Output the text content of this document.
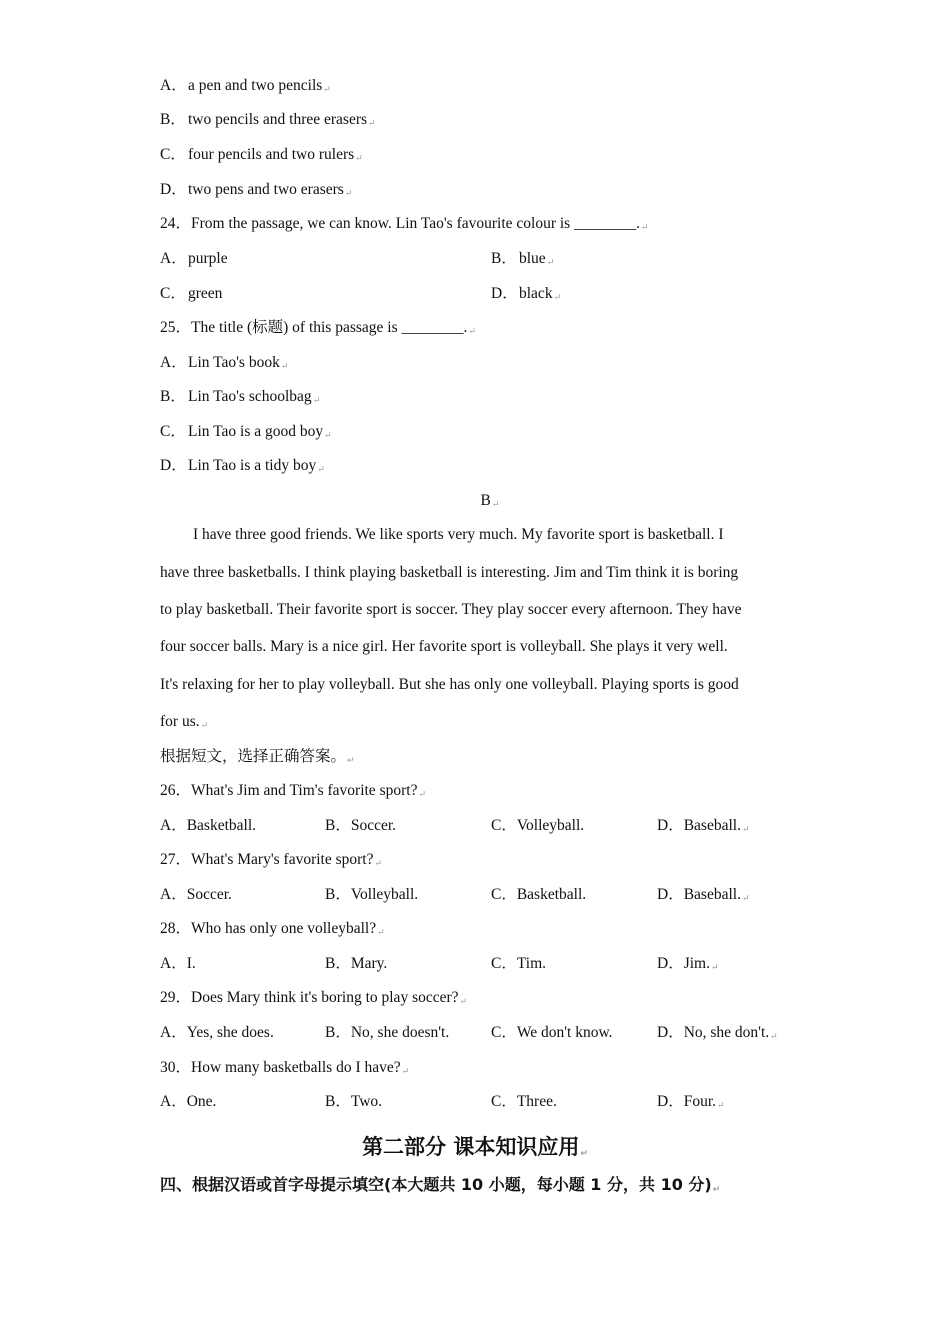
A．a pen and two pencils↵
B． two pencils and three erasers↵
C． four pencils and two rulers↵
D．two pens and two erasers↵
24．From the passage, we can know. Lin Tao's favourite colour is ________.↵
A．purple	B． blue↵
C． green	D．black↵
25．The title (标题) of this passage is ________.↵
A．Lin Tao's book↵
B． Lin Tao's schoolbag↵
C． Lin Tao is a good boy↵
D．Lin Tao is a tidy boy↵
B↵
I have three good friends. We like sports very much. My favorite sport is basketball. I
have three basketballs. I think playing basketball is interesting. Jim and Tim think it is boring
to play basketball. Their favorite sport is soccer. They play soccer every afternoon. They have
four soccer balls. Mary is a nice girl. Her favorite sport is volleyball. She plays it very well.
It's relaxing for her to play volleyball. But she has only one volleyball. Playing sports is good
for us.↵
根据短文，选择正确答案。↵
26．What's Jim and Tim's favorite sport?↵
A．Basketball.	B．Soccer.	C．Volleyball.	D．Baseball.↵
27．What's Mary's favorite sport?↵
A．Soccer.	B．Volleyball.	C．Basketball.	D．Baseball.↵
28．Who has only one volleyball?↵
A．I.	B．Mary.	C．Tim.	D．Jim.↵
29．Does Mary think it's boring to play soccer?↵
A．Yes, she does.	B．No, she doesn't.	C．We don't know.	D．No, she don't.↵
30．How many basketballs do I have?↵
A．One.	B．Two.	C．Three.	D．Four.↵
第二部分 课本知识应用↵
四、根据汉语或首字母提示填空(本大题共 10 小题，每小题 1 分，共 10 分)↵
